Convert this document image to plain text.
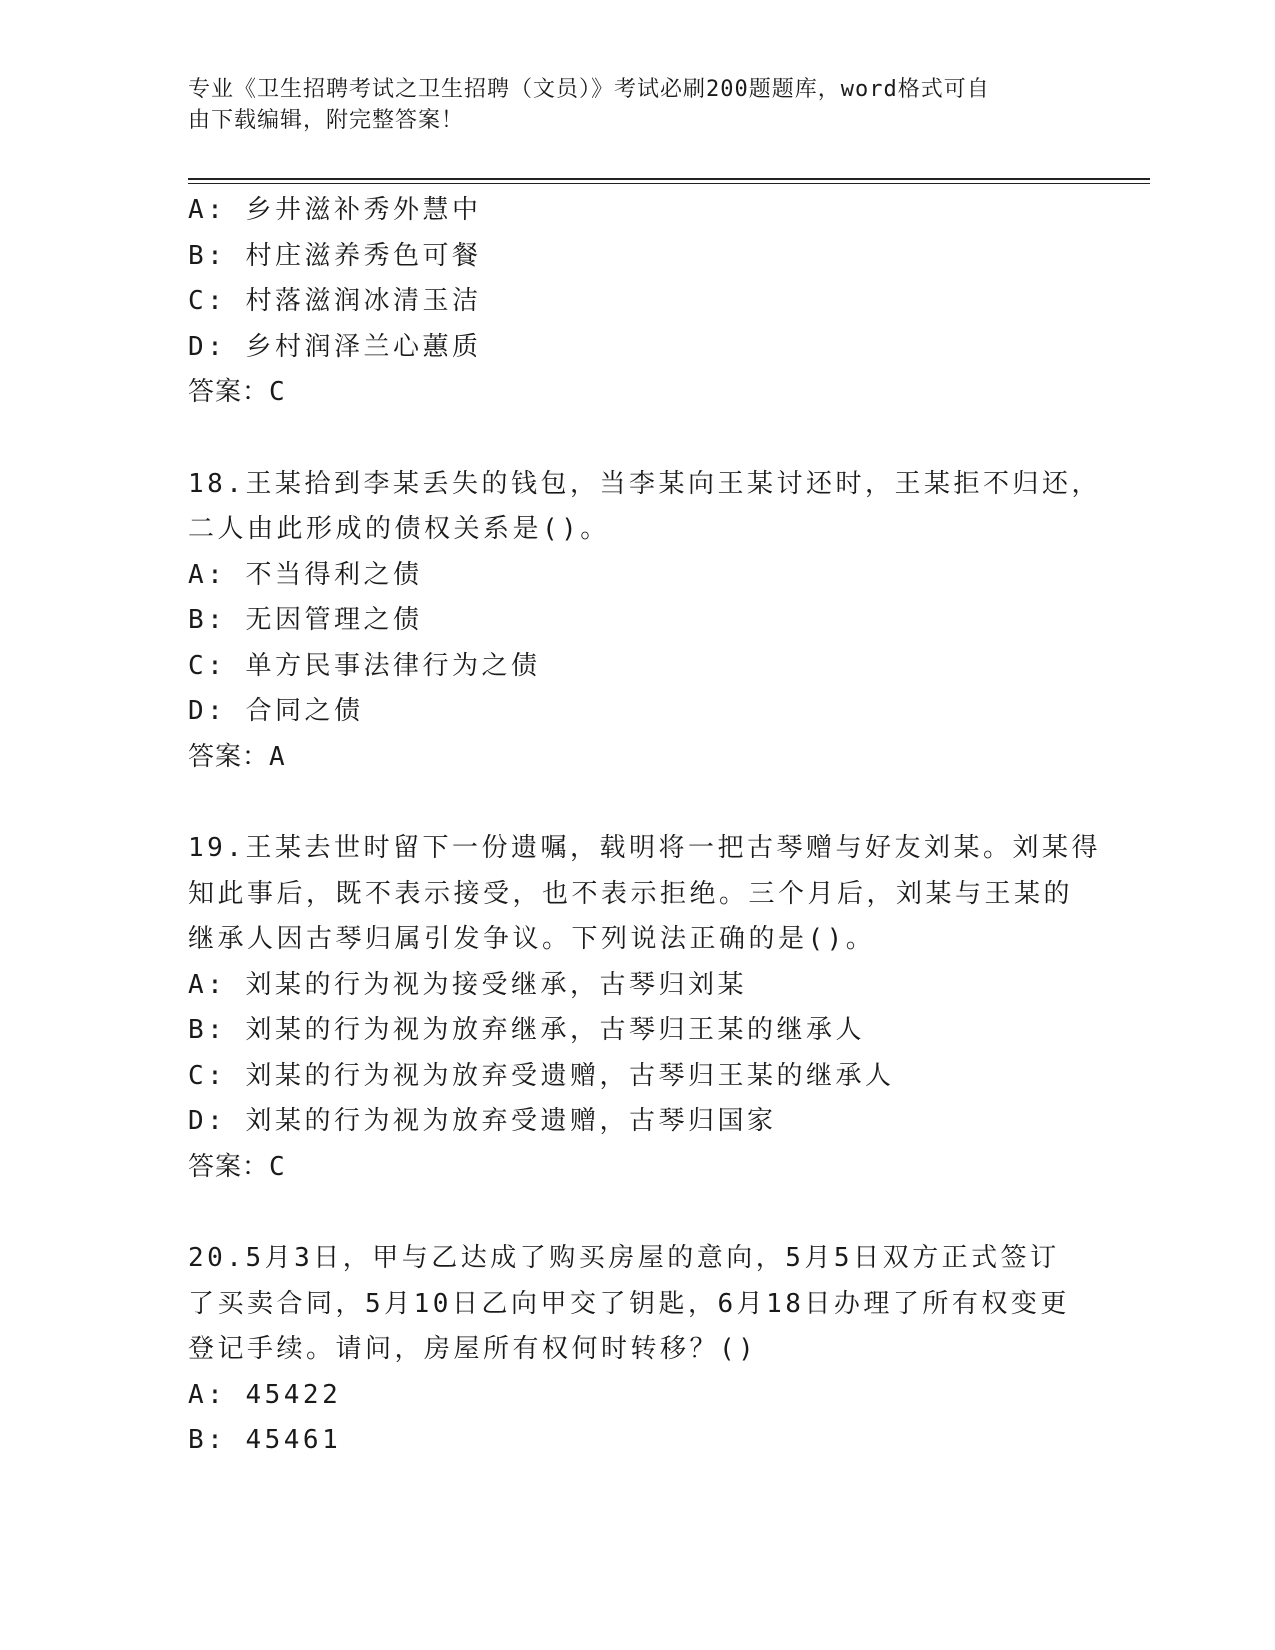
专业《卫生招聘考试之卫生招聘（文员）》考试必刷200题题库，word格式可自
由下载编辑，附完整答案！
A: 乡井滋补秀外慧中
B: 村庄滋养秀色可餐
C: 村落滋润冰清玉洁
D: 乡村润泽兰心蕙质
答案：C
18.王某拾到李某丢失的钱包，当李某向王某讨还时，王某拒不归还，
二人由此形成的债权关系是()。
A: 不当得利之债
B: 无因管理之债
C: 单方民事法律行为之债
D: 合同之债
答案：A
19.王某去世时留下一份遗嘱，载明将一把古琴赠与好友刘某。刘某得
知此事后，既不表示接受，也不表示拒绝。三个月后，刘某与王某的
继承人因古琴归属引发争议。下列说法正确的是()。
A: 刘某的行为视为接受继承，古琴归刘某
B: 刘某的行为视为放弃继承，古琴归王某的继承人
C: 刘某的行为视为放弃受遗赠，古琴归王某的继承人
D: 刘某的行为视为放弃受遗赠，古琴归国家
答案：C
20.5月3日，甲与乙达成了购买房屋的意向，5月5日双方正式签订
了买卖合同，5月10日乙向甲交了钥匙，6月18日办理了所有权变更
登记手续。请问，房屋所有权何时转移？()
A: 45422
B: 45461
